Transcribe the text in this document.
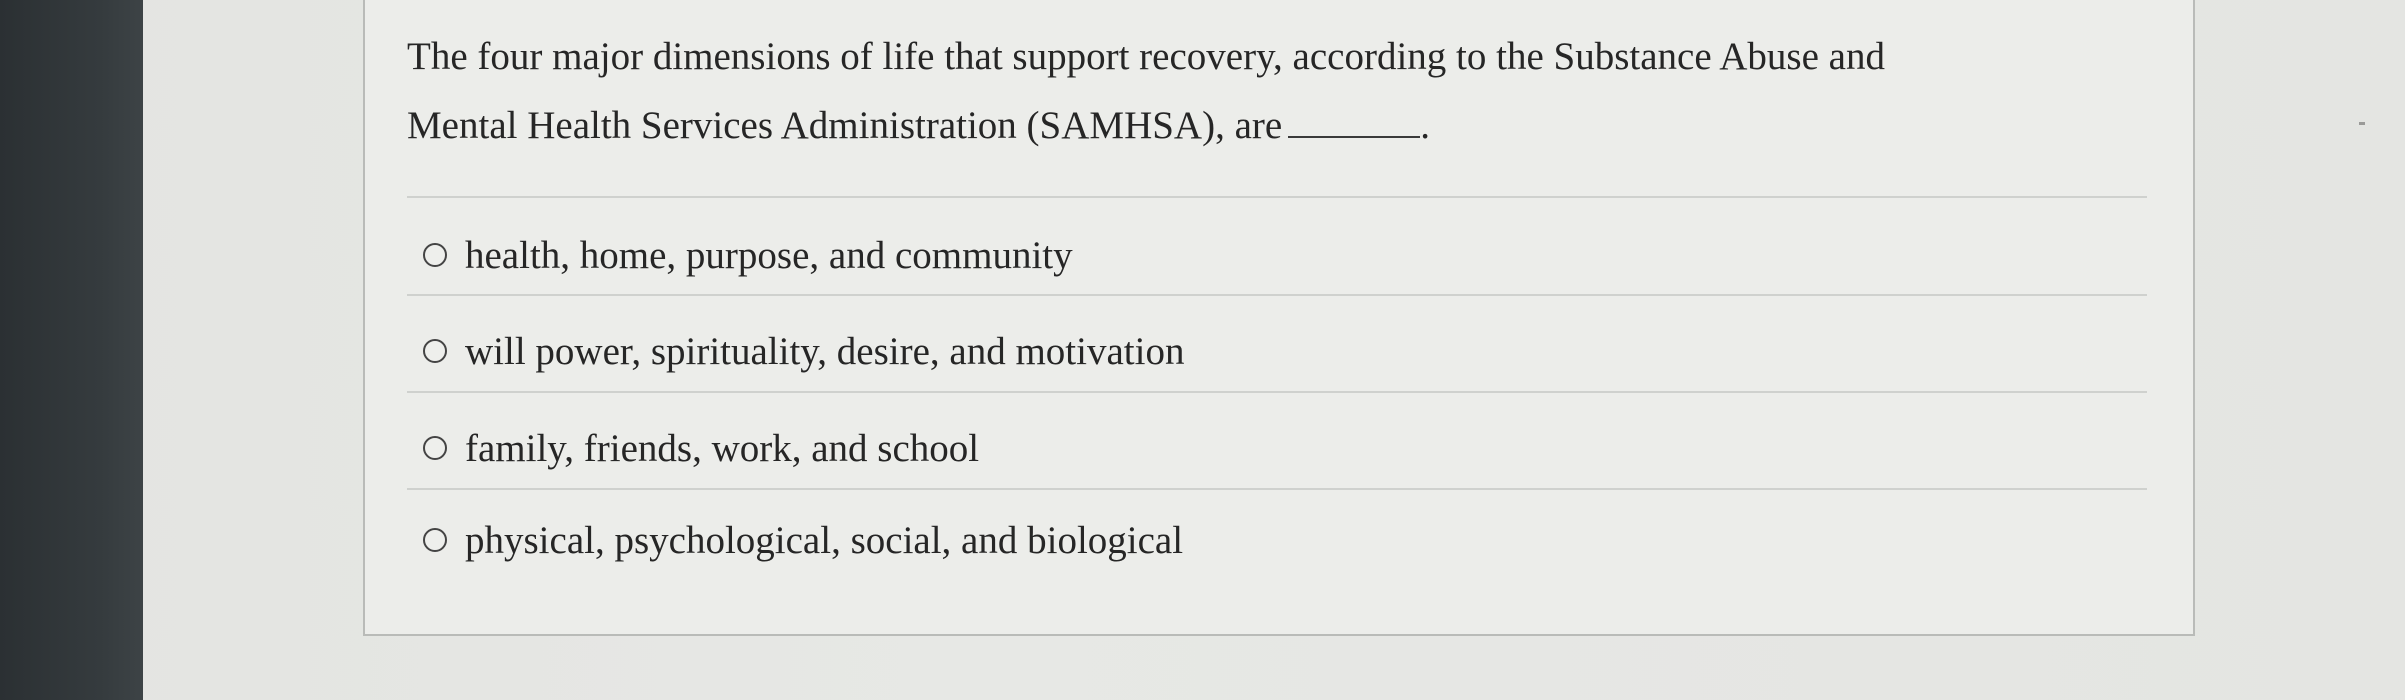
The four major dimensions of life that support recovery, according to the Substance Abuse and
Mental Health Services Administration (SAMHSA), are	.

health, home, purpose, and community
will power, spirituality, desire, and motivation
family, friends, work, and school
physical, psychological, social, and biological
